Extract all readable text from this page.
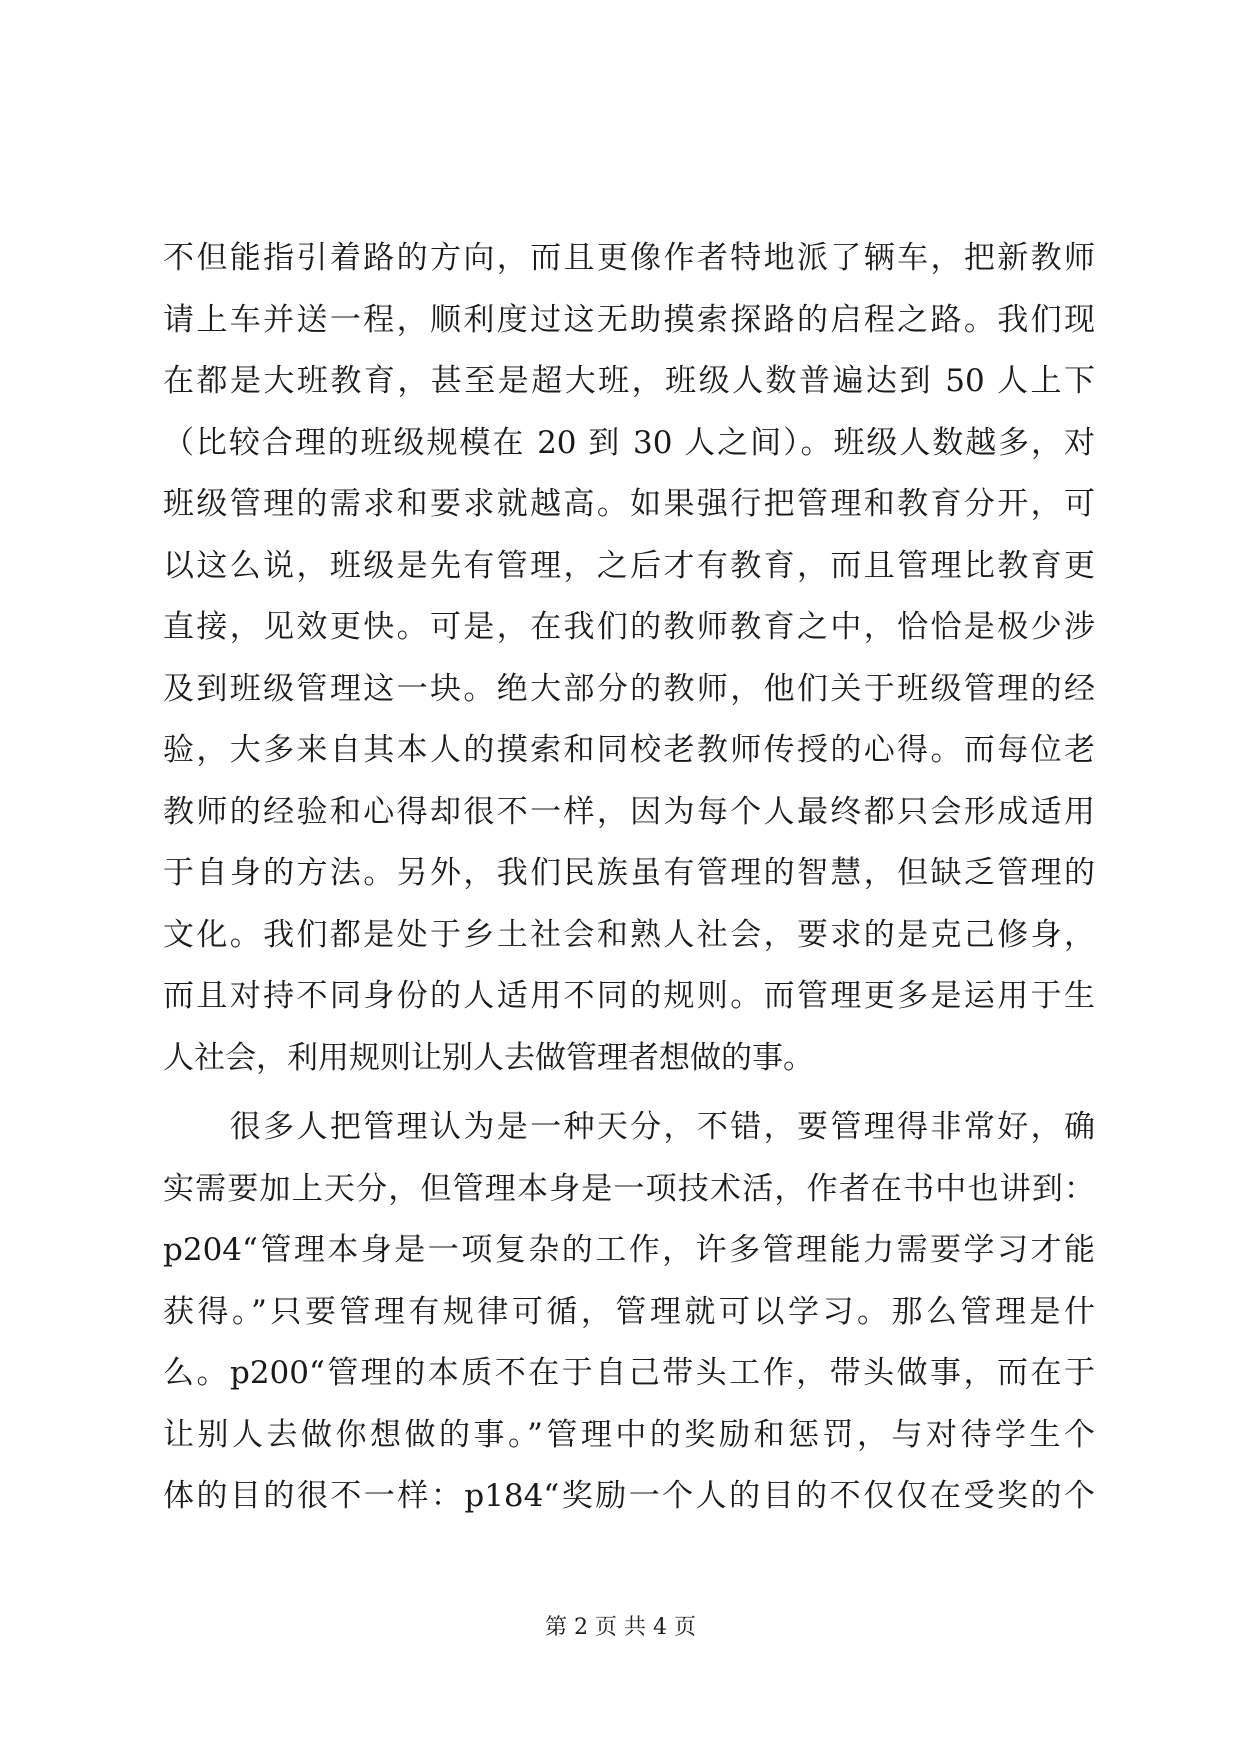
不但能指引着路的方向，而且更像作者特地派了辆车，把新教师
请上车并送一程，顺利度过这无助摸索探路的启程之路。我们现
在都是大班教育，甚至是超大班，班级人数普遍达到 50 人上下
（比较合理的班级规模在 20 到 30 人之间）。班级人数越多，对
班级管理的需求和要求就越高。如果强行把管理和教育分开，可
以这么说，班级是先有管理，之后才有教育，而且管理比教育更
直接，见效更快。可是，在我们的教师教育之中，恰恰是极少涉
及到班级管理这一块。绝大部分的教师，他们关于班级管理的经
验，大多来自其本人的摸索和同校老教师传授的心得。而每位老
教师的经验和心得却很不一样，因为每个人最终都只会形成适用
于自身的方法。另外，我们民族虽有管理的智慧，但缺乏管理的
文化。我们都是处于乡土社会和熟人社会，要求的是克己修身，
而且对持不同身份的人适用不同的规则。而管理更多是运用于生
人社会，利用规则让别人去做管理者想做的事。
　　很多人把管理认为是一种天分，不错，要管理得非常好，确
实需要加上天分，但管理本身是一项技术活，作者在书中也讲到：
p204“管理本身是一项复杂的工作，许多管理能力需要学习才能
获得。”只要管理有规律可循，管理就可以学习。那么管理是什
么。p200“管理的本质不在于自己带头工作，带头做事，而在于
让别人去做你想做的事。”管理中的奖励和惩罚，与对待学生个
体的目的很不一样：p184“奖励一个人的目的不仅仅在受奖的个
第 2 页 共 4 页
